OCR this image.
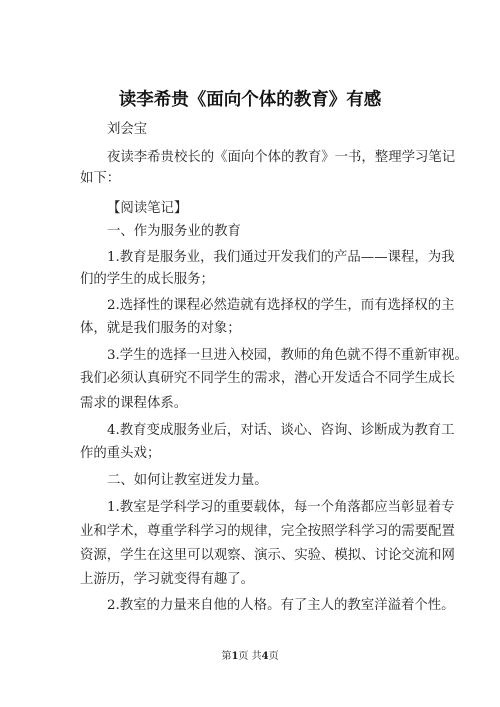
读李希贵《面向个体的教育》有感
刘会宝
夜读李希贵校长的《面向个体的教育》一书，整理学习笔记
如下：
【阅读笔记】
一、作为服务业的教育
1.教育是服务业，我们通过开发我们的产品——课程，为我
们的学生的成长服务；
2.选择性的课程必然造就有选择权的学生，而有选择权的主
体，就是我们服务的对象；
3.学生的选择一旦进入校园，教师的角色就不得不重新审视。
我们必须认真研究不同学生的需求，潜心开发适合不同学生成长
需求的课程体系。
4.教育变成服务业后，对话、谈心、咨询、诊断成为教育工
作的重头戏；
二、如何让教室迸发力量。
1.教室是学科学习的重要载体，每一个角落都应当彰显着专
业和学术，尊重学科学习的规律，完全按照学科学习的需要配置
资源，学生在这里可以观察、演示、实验、模拟、讨论交流和网
上游历，学习就变得有趣了。
2.教室的力量来自他的人格。有了主人的教室洋溢着个性。
第1页 共4页
